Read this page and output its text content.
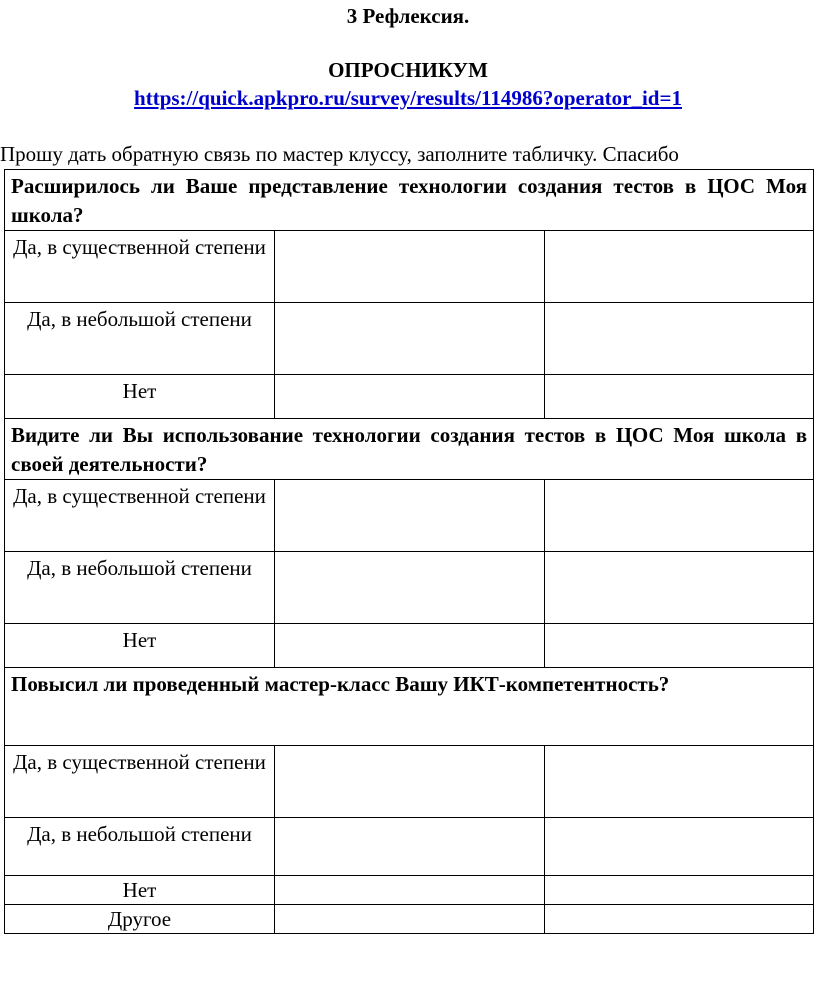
3 Рефлексия.
ОПРОСНИКУМ
https://quick.apkpro.ru/survey/results/114986?operator_id=1
Прошу дать обратную связь по мастер клуссу, заполните табличку. Спасибо
Расширилось ли Ваше представление технологии создания тестов в ЦОС Моя школа?		
Да, в существенной степени		
Да, в небольшой степени		
Нет		
Видите ли Вы использование технологии создания тестов в ЦОС Моя школа в своей деятельности?		
Да, в существенной степени		
Да, в небольшой степени		
Нет		
Повысил ли проведенный мастер-класс Вашу ИКТ-компетентность?		
Да, в существенной степени		
Да, в небольшой степени		
Нет		
Другое		
